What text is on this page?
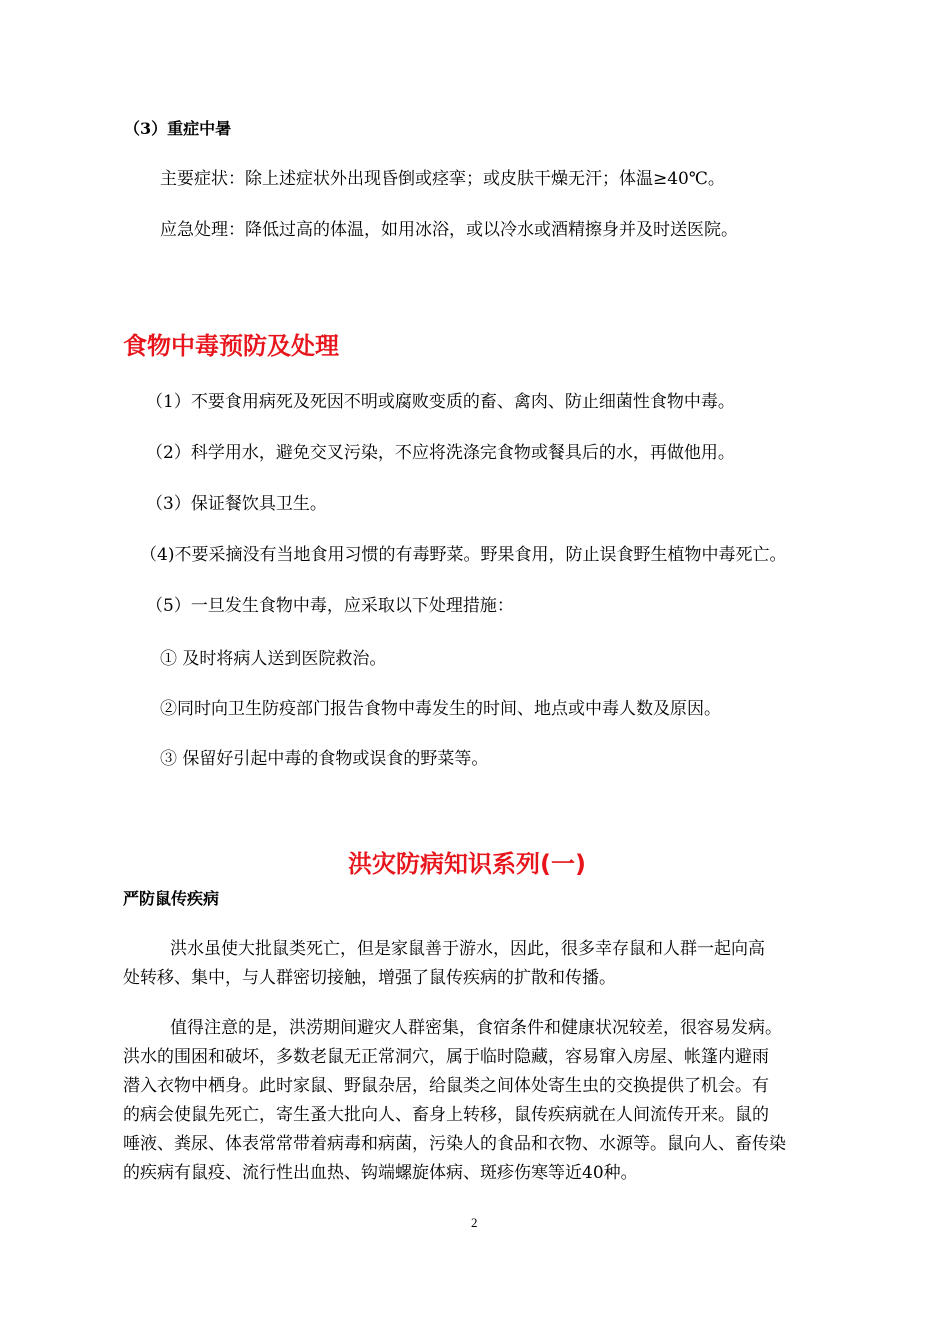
（3）重症中暑
主要症状：除上述症状外出现昏倒或痉挛；或皮肤干燥无汗；体温≥40℃。
应急处理：降低过高的体温，如用冰浴，或以冷水或酒精擦身并及时送医院。
食物中毒预防及处理
（1）不要食用病死及死因不明或腐败变质的畜、禽肉、防止细菌性食物中毒。
（2）科学用水，避免交叉污染，不应将洗涤完食物或餐具后的水，再做他用。
（3）保证餐饮具卫生。
（4)不要采摘没有当地食用习惯的有毒野菜。野果食用，防止误食野生植物中毒死亡。
（5）一旦发生食物中毒，应采取以下处理措施：
① 及时将病人送到医院救治。
②同时向卫生防疫部门报告食物中毒发生的时间、地点或中毒人数及原因。
③ 保留好引起中毒的食物或误食的野菜等。
洪灾防病知识系列(一)
严防鼠传疾病
洪水虽使大批鼠类死亡，但是家鼠善于游水，因此，很多幸存鼠和人群一起向高
处转移、集中，与人群密切接触，增强了鼠传疾病的扩散和传播。
值得注意的是，洪涝期间避灾人群密集，食宿条件和健康状况较差，很容易发病。
洪水的围困和破坏，多数老鼠无正常洞穴，属于临时隐藏，容易窜入房屋、帐篷内避雨
潜入衣物中栖身。此时家鼠、野鼠杂居，给鼠类之间体处寄生虫的交换提供了机会。有
的病会使鼠先死亡，寄生蚤大批向人、畜身上转移，鼠传疾病就在人间流传开来。鼠的
唾液、粪尿、体表常常带着病毒和病菌，污染人的食品和衣物、水源等。鼠向人、畜传染
的疾病有鼠疫、流行性出血热、钩端螺旋体病、斑疹伤寒等近40种。
2
